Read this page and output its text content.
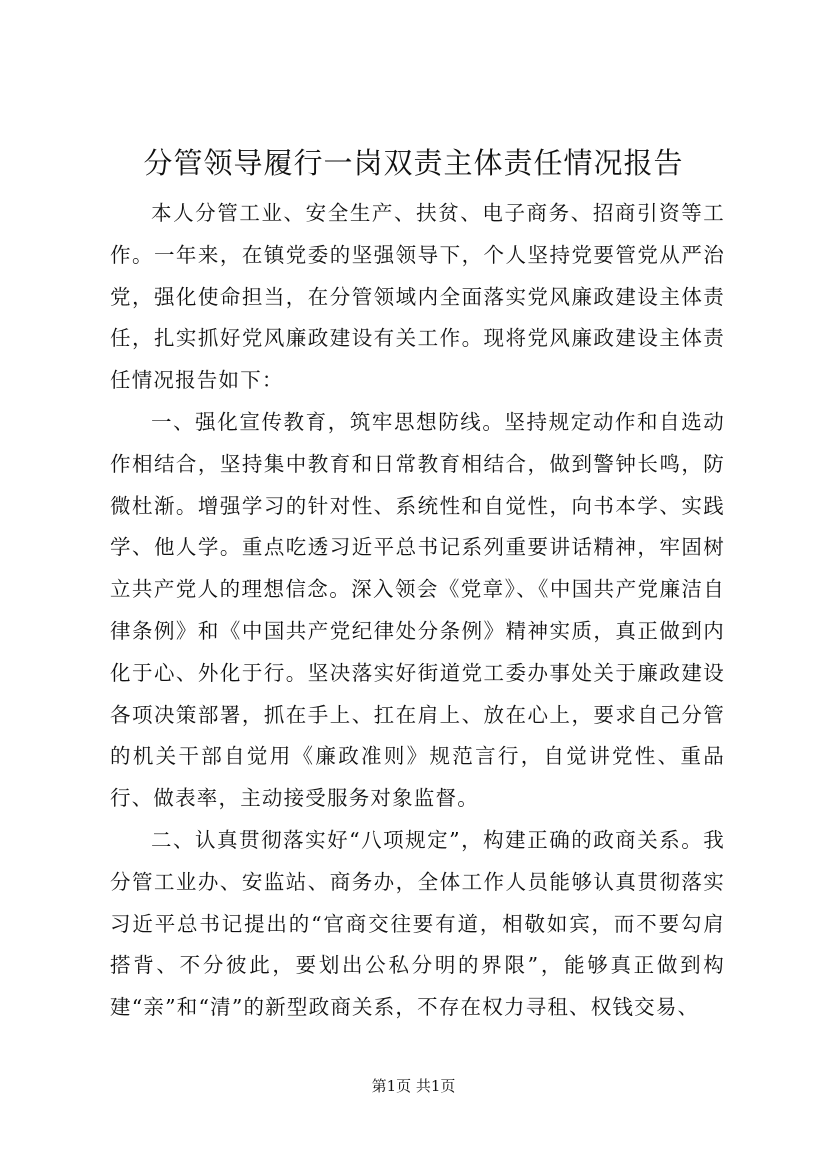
分管领导履行一岗双责主体责任情况报告

本人分管工业、安全生产、扶贫、电子商务、招商引资等工作。一年来，在镇党委的坚强领导下，个人坚持党要管党从严治党，强化使命担当，在分管领域内全面落实党风廉政建设主体责任，扎实抓好党风廉政建设有关工作。现将党风廉政建设主体责任情况报告如下：

一、强化宣传教育，筑牢思想防线。坚持规定动作和自选动作相结合，坚持集中教育和日常教育相结合，做到警钟长鸣，防微杜渐。增强学习的针对性、系统性和自觉性，向书本学、实践学、他人学。重点吃透习近平总书记系列重要讲话精神，牢固树立共产党人的理想信念。深入领会《党章》、《中国共产党廉洁自律条例》和《中国共产党纪律处分条例》精神实质，真正做到内化于心、外化于行。坚决落实好街道党工委办事处关于廉政建设各项决策部署，抓在手上、扛在肩上、放在心上，要求自己分管的机关干部自觉用《廉政准则》规范言行，自觉讲党性、重品行、做表率，主动接受服务对象监督。

二、认真贯彻落实好“八项规定”，构建正确的政商关系。我分管工业办、安监站、商务办，全体工作人员能够认真贯彻落实习近平总书记提出的“官商交往要有道，相敬如宾，而不要勾肩搭背、不分彼此，要划出公私分明的界限”，能够真正做到构建“亲”和“清”的新型政商关系，不存在权力寻租、权钱交易、

第1页 共1页
